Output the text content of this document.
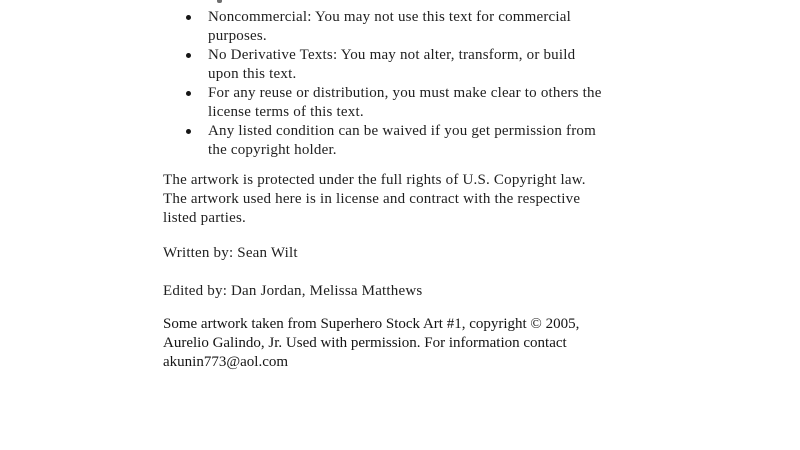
Noncommercial: You may not use this text for commercial
purposes.
No Derivative Texts: You may not alter, transform, or build
upon this text.
For any reuse or distribution, you must make clear to others the
license terms of this text.
Any listed condition can be waived if you get permission from
the copyright holder.

The artwork is protected under the full rights of U.S. Copyright law.
The artwork used here is in license and contract with the respective
listed parties.

Written by: Sean Wilt

Edited by: Dan Jordan, Melissa Matthews

Some artwork taken from Superhero Stock Art #1, copyright © 2005,
Aurelio Galindo, Jr. Used with permission. For information contact
akunin773@aol.com
